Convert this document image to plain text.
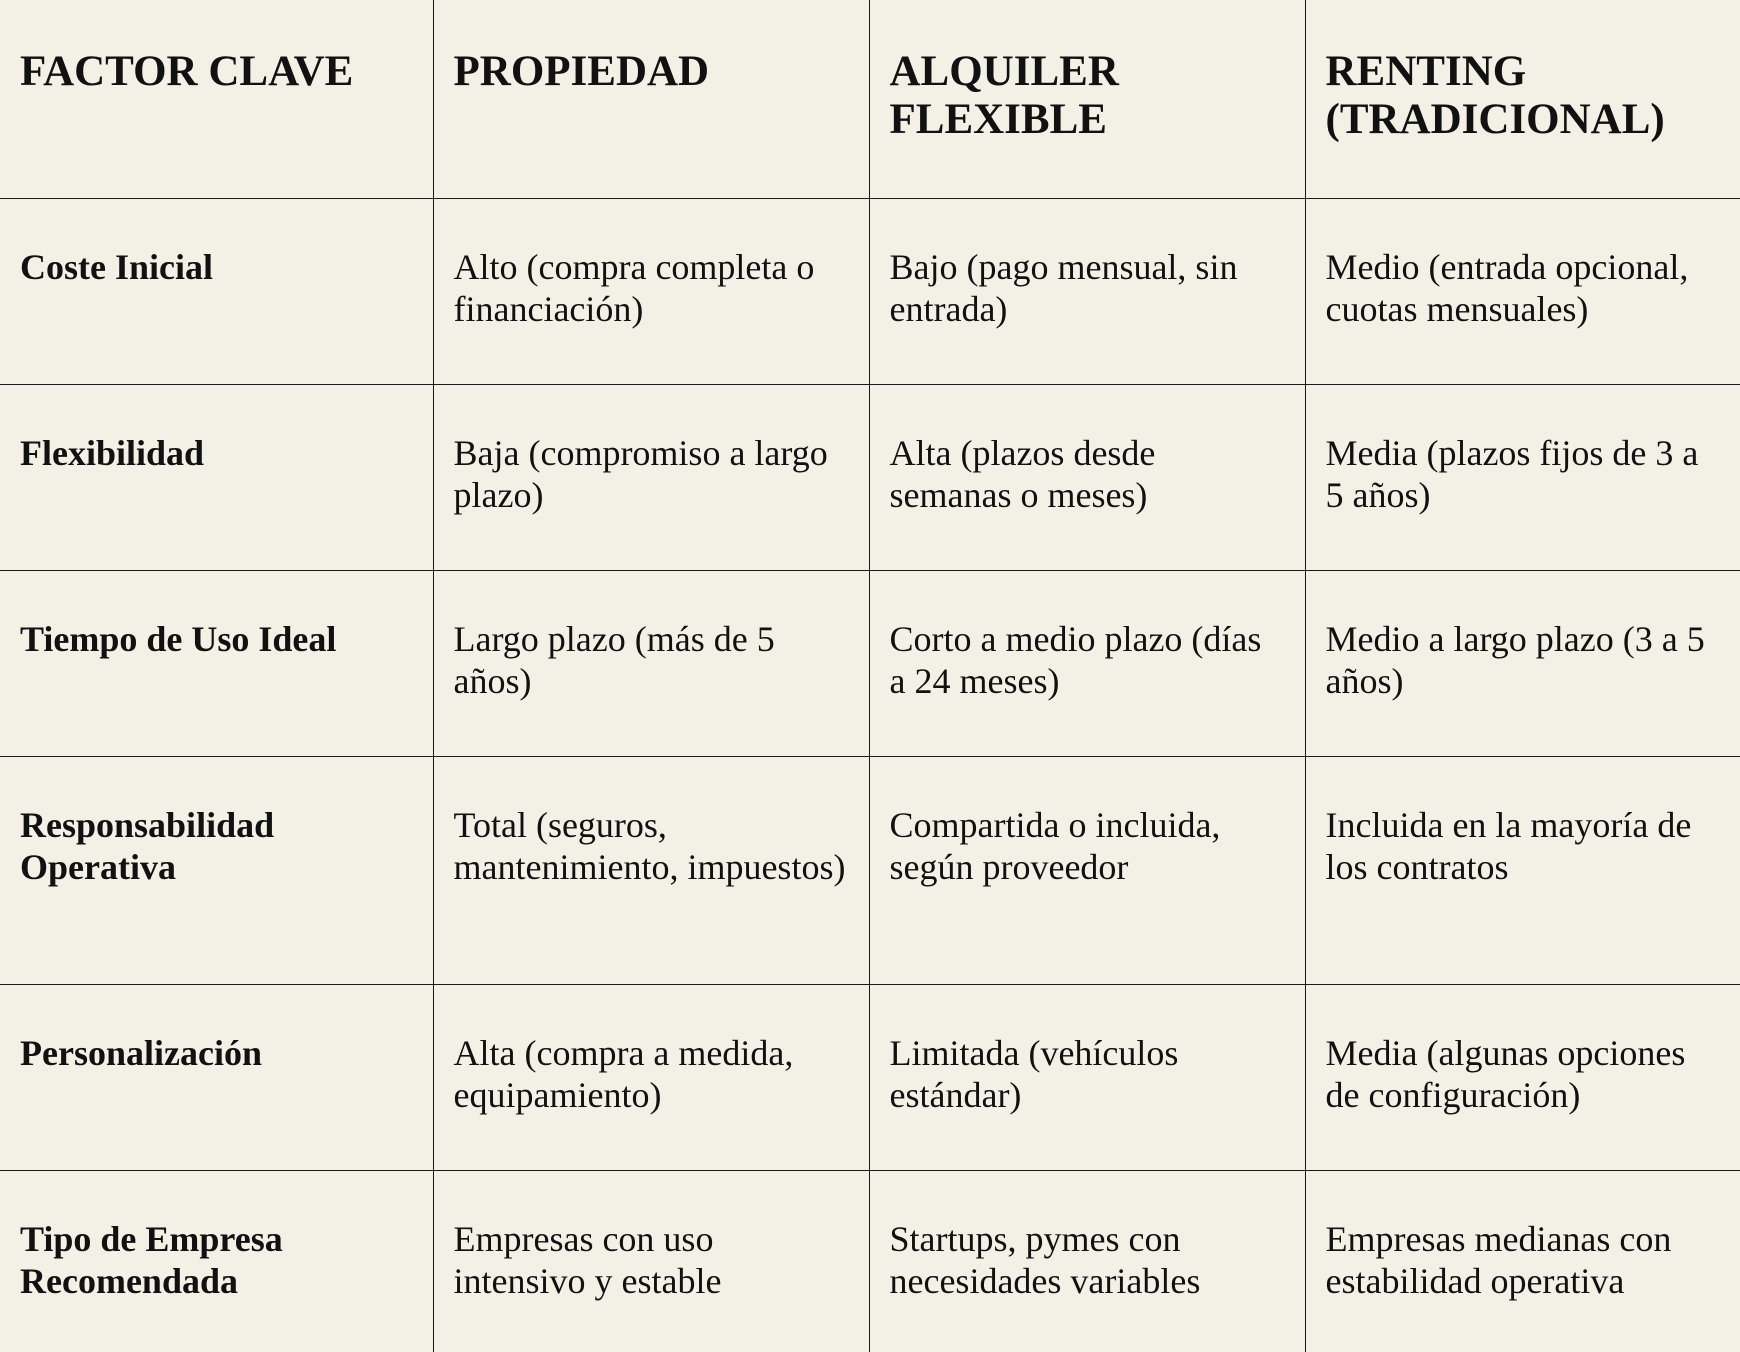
FACTOR CLAVE	PROPIEDAD	ALQUILER FLEXIBLE	RENTING (TRADICIONAL)
Coste Inicial	Alto (compra completa o financiación)	Bajo (pago mensual, sin entrada)	Medio (entrada opcional, cuotas mensuales)
Flexibilidad	Baja (compromiso a largo plazo)	Alta (plazos desde semanas o meses)	Media (plazos fijos de 3 a 5 años)
Tiempo de Uso Ideal	Largo plazo (más de 5 años)	Corto a medio plazo (días a 24 meses)	Medio a largo plazo (3 a 5 años)
Responsabilidad Operativa	Total (seguros, mantenimiento, impuestos)	Compartida o incluida, según proveedor	Incluida en la mayoría de los contratos
Personalización	Alta (compra a medida, equipamiento)	Limitada (vehículos estándar)	Media (algunas opciones de configuración)
Tipo de Empresa Recomendada	Empresas con uso intensivo y estable	Startups, pymes con necesidades variables	Empresas medianas con estabilidad operativa
